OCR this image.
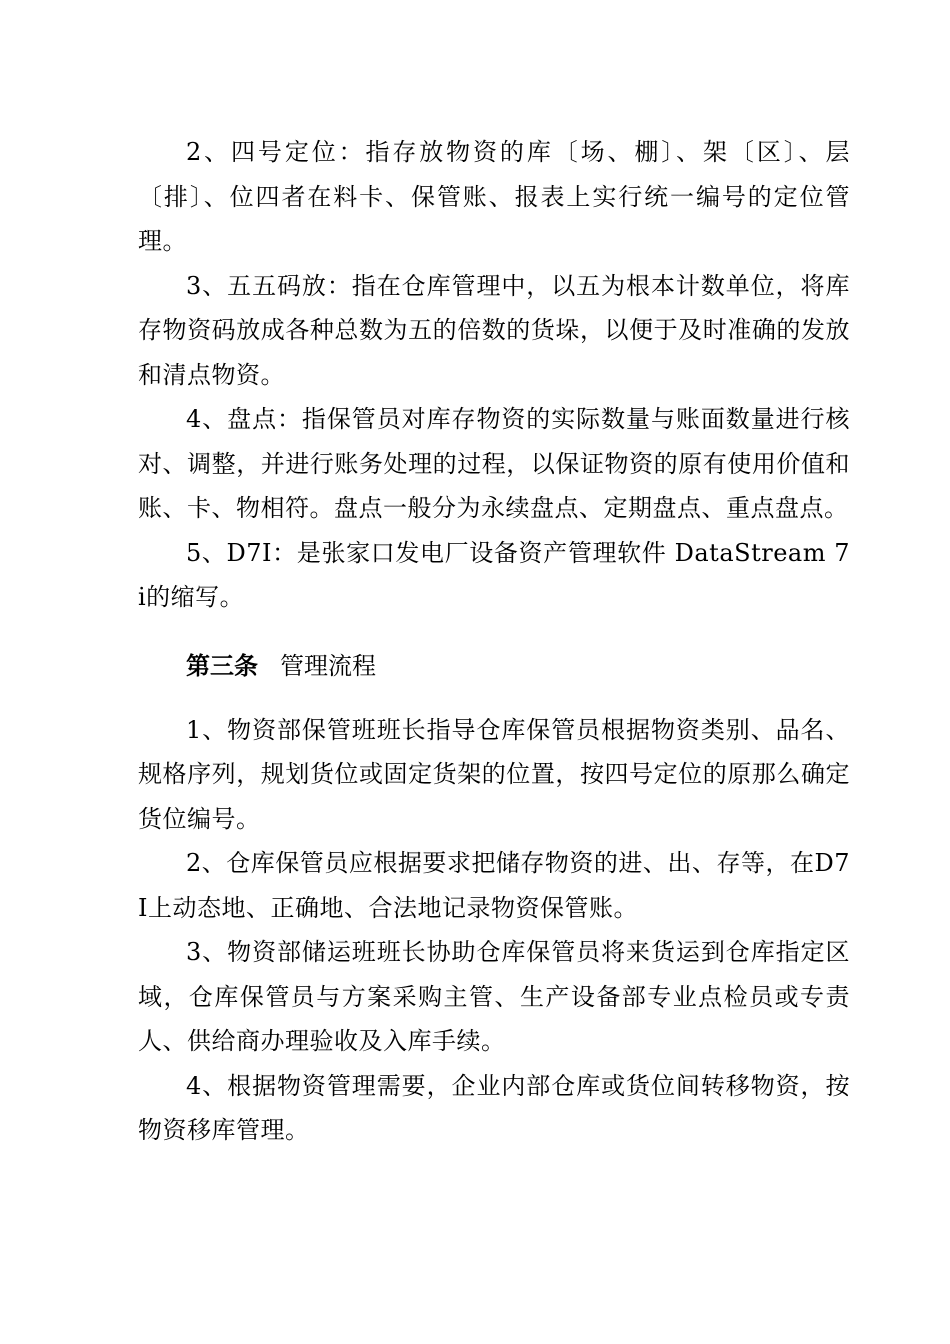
2、四号定位：指存放物资的库〔场、棚〕、架〔区〕、层〔排〕、位四者在料卡、保管账、报表上实行统一编号的定位管理。

3、五五码放：指在仓库管理中，以五为根本计数单位，将库存物资码放成各种总数为五的倍数的货垛，以便于及时准确的发放和清点物资。

4、盘点：指保管员对库存物资的实际数量与账面数量进行核对、调整，并进行账务处理的过程，以保证物资的原有使用价值和账、卡、物相符。盘点一般分为永续盘点、定期盘点、重点盘点。

5、D7I：是张家口发电厂设备资产管理软件 DataStream 7i的缩写。

第三条 管理流程

1、物资部保管班班长指导仓库保管员根据物资类别、品名、规格序列，规划货位或固定货架的位置，按四号定位的原那么确定货位编号。

2、仓库保管员应根据要求把储存物资的进、出、存等，在D7I上动态地、正确地、合法地记录物资保管账。

3、物资部储运班班长协助仓库保管员将来货运到仓库指定区域，仓库保管员与方案采购主管、生产设备部专业点检员或专责人、供给商办理验收及入库手续。

4、根据物资管理需要，企业内部仓库或货位间转移物资，按物资移库管理。
